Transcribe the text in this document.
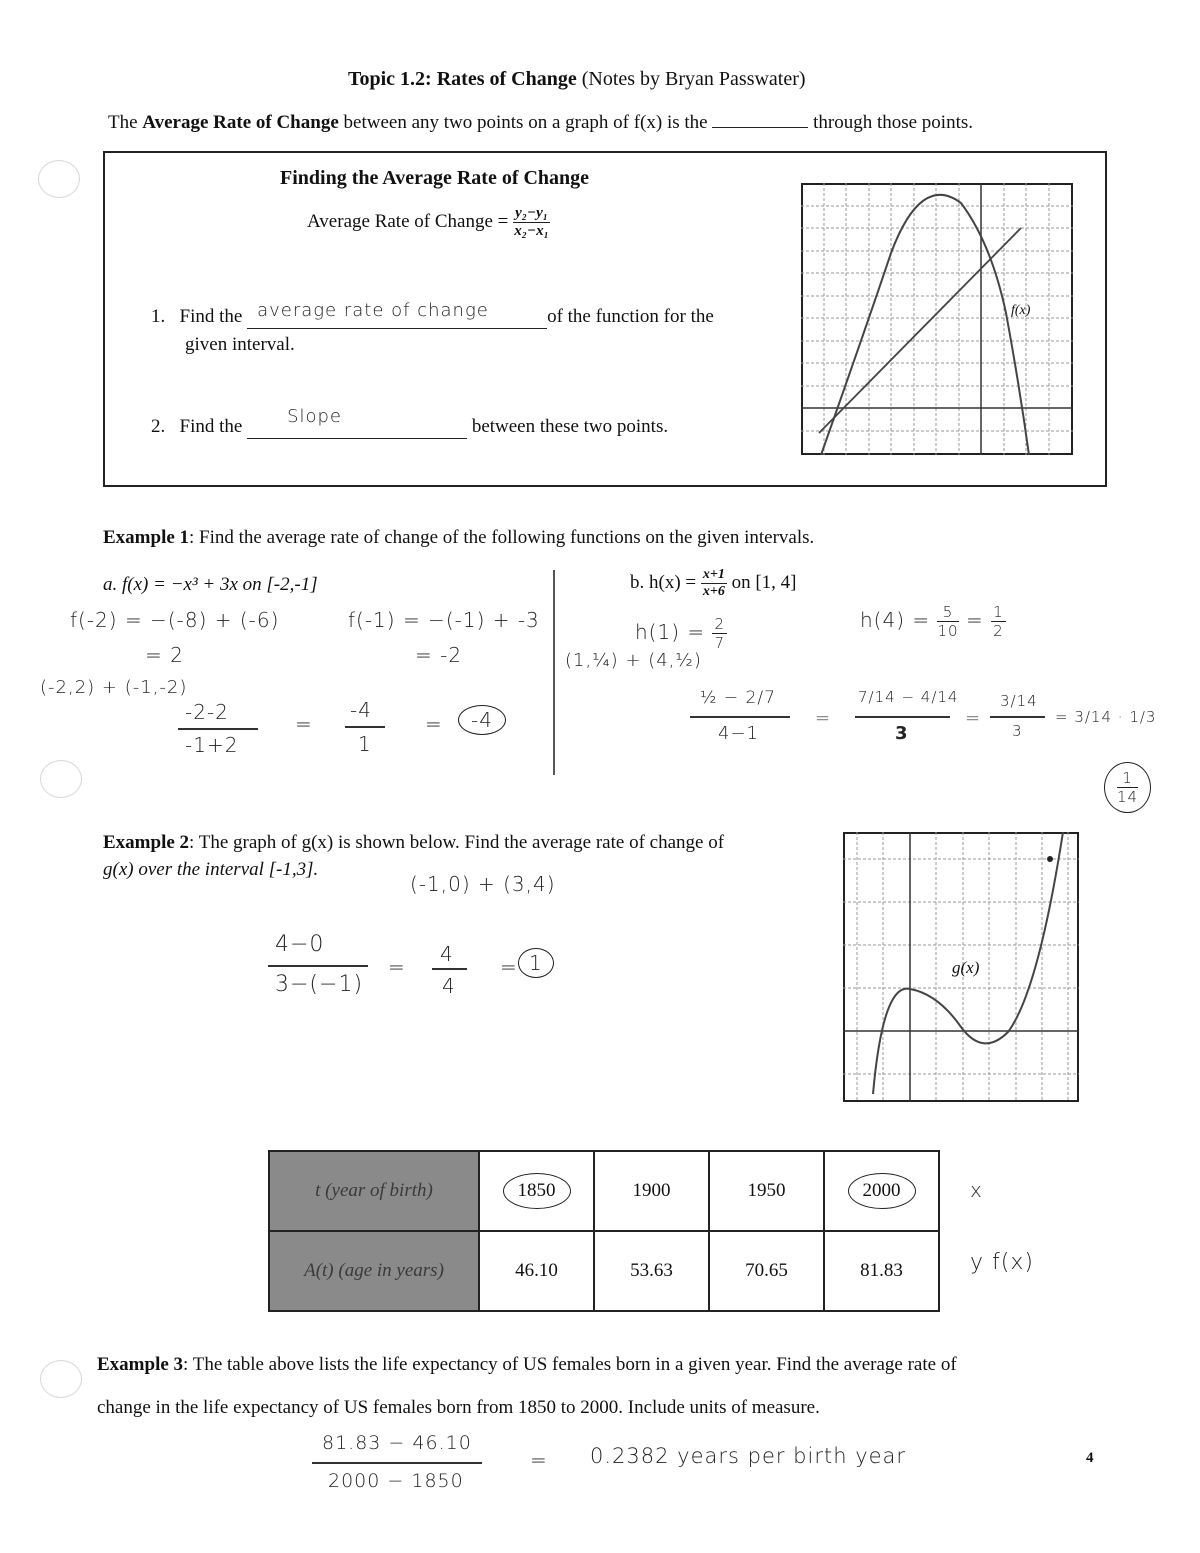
Topic 1.2: Rates of Change (Notes by Bryan Passwater)
The Average Rate of Change between any two points on a graph of f(x) is the	through those points.
Finding the Average Rate of Change
Average Rate of Change = $\frac{\text{y₂−y₁}}{\text{x₂−x₁}}$
1. Find the average rate of change	of the function for the
given interval.
2. Find the Slope	between these two points.
f(x)
Example 1: Find the average rate of change of the following functions on the given intervals.
a. f(x) = −x³ + 3x on [-2,-1]
f(-2) = −(-8) + (-6)	f(-1) = −(-1) + -3
= 2	= -2
(-2,2) + (-1,-2)
-2-2
-1+2
=
-4
1
=	-4
b. $h(x) = \frac{x+1}{x+6}$ on [1, 4]
$h(1) = \frac{2}{7}$
(1,¼) + (4,½)
$h(4) = \frac{5}{10} = \frac{1}{2}$
½ − 2/7
4−1
=
7/14 − 4/14
3
=
3/14
3
= 3/14 · 1/3
$\frac{1}{14}$
Example 2: The graph of g(x) is shown below. Find the average rate of change of
g(x) over the interval [-1,3].
(-1,0) + (3,4)
4−0
3−(−1)
=
4
4
= 1	g(x)
t (year of birth)	1850	1900	1950	2000
A(t) (age in years)	46.10	53.63	70.65	81.83
x
y f(x)
Example 3: The table above lists the life expectancy of US females born in a given year. Find the average rate of
change in the life expectancy of US females born from 1850 to 2000. Include units of measure.
81.83 − 46.10
2000 − 1850
= 0.2382 years per birth year	4
